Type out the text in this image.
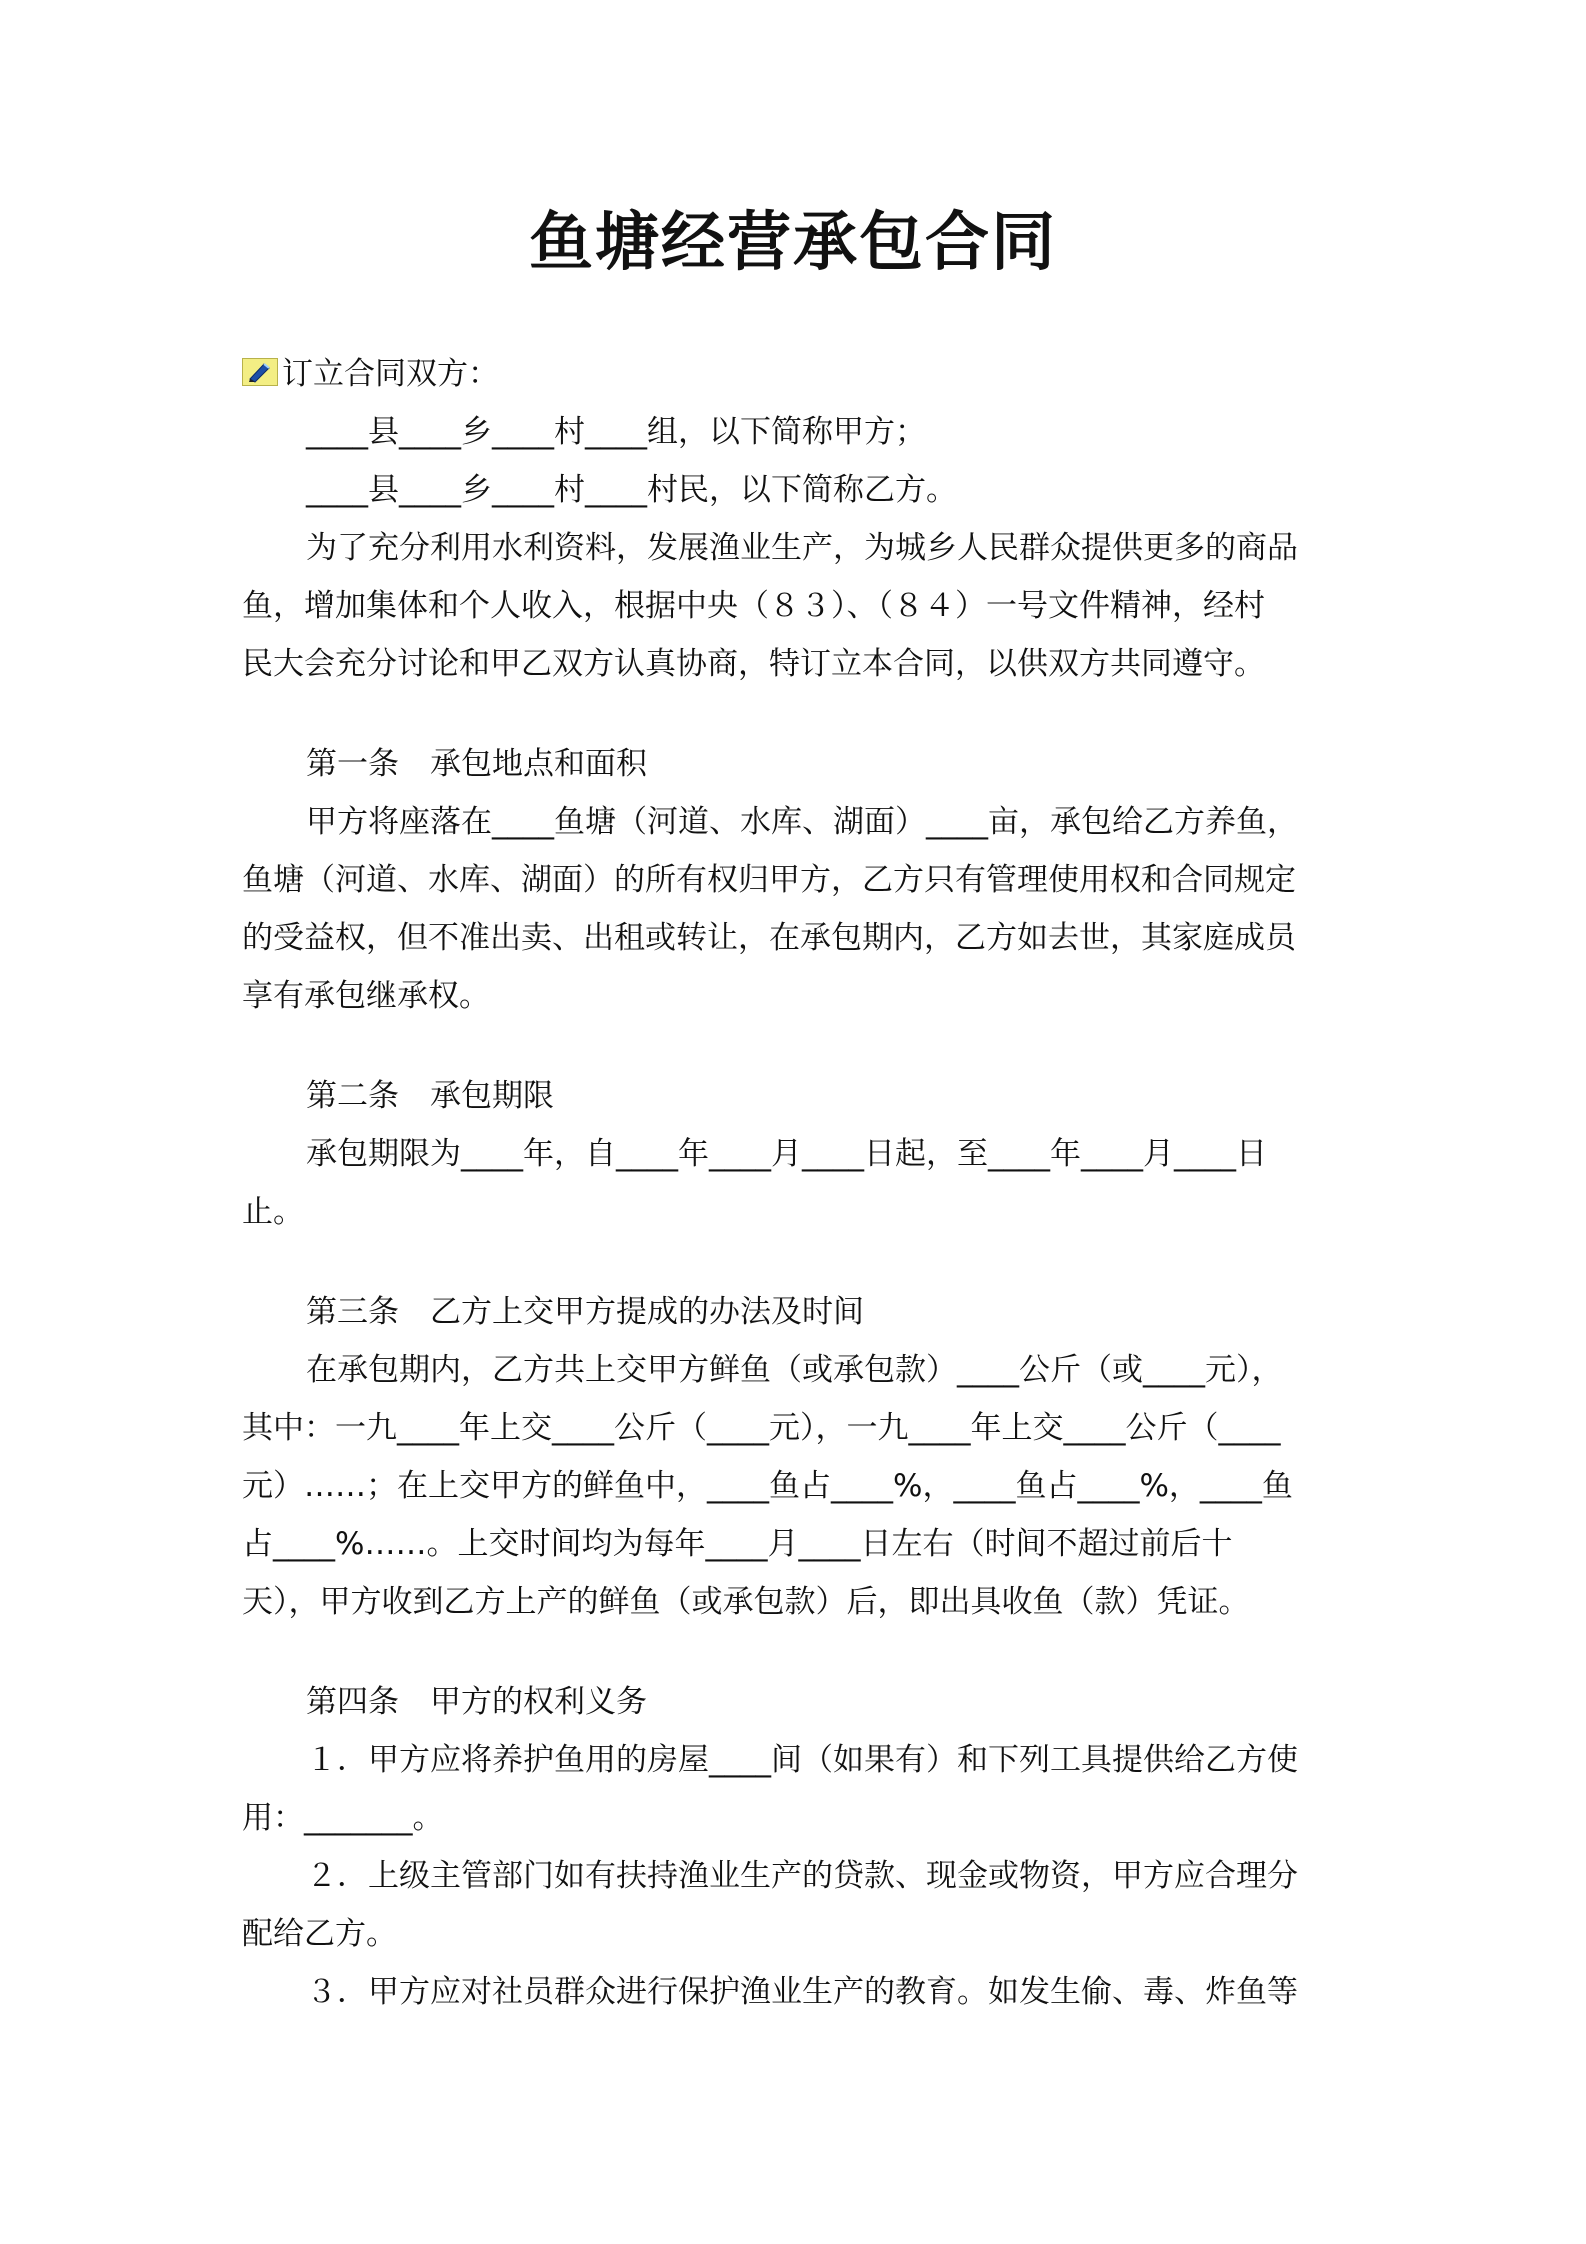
鱼塘经营承包合同
订立合同双方：
____县____乡____村____组，以下简称甲方；
____县____乡____村____村民，以下简称乙方。
为了充分利用水利资料，发展渔业生产，为城乡人民群众提供更多的商品
鱼，增加集体和个人收入，根据中央（８３）、（８４）一号文件精神，经村
民大会充分讨论和甲乙双方认真协商，特订立本合同，以供双方共同遵守。
第一条　承包地点和面积
甲方将座落在____鱼塘（河道、水库、湖面）____亩，承包给乙方养鱼，
鱼塘（河道、水库、湖面）的所有权归甲方，乙方只有管理使用权和合同规定
的受益权，但不准出卖、出租或转让，在承包期内，乙方如去世，其家庭成员
享有承包继承权。
第二条　承包期限
承包期限为____年，自____年____月____日起，至____年____月____日
止。
第三条　乙方上交甲方提成的办法及时间
在承包期内，乙方共上交甲方鲜鱼（或承包款）____公斤（或____元），
其中：一九____年上交____公斤（____元），一九____年上交____公斤（____
元）……；在上交甲方的鲜鱼中，____鱼占____%，____鱼占____%，____鱼
占____%……。上交时间均为每年____月____日左右（时间不超过前后十
天），甲方收到乙方上产的鲜鱼（或承包款）后，即出具收鱼（款）凭证。
第四条　甲方的权利义务
１．甲方应将养护鱼用的房屋____间（如果有）和下列工具提供给乙方使
用：_______。
２．上级主管部门如有扶持渔业生产的贷款、现金或物资，甲方应合理分
配给乙方。
３．甲方应对社员群众进行保护渔业生产的教育。如发生偷、毒、炸鱼等
